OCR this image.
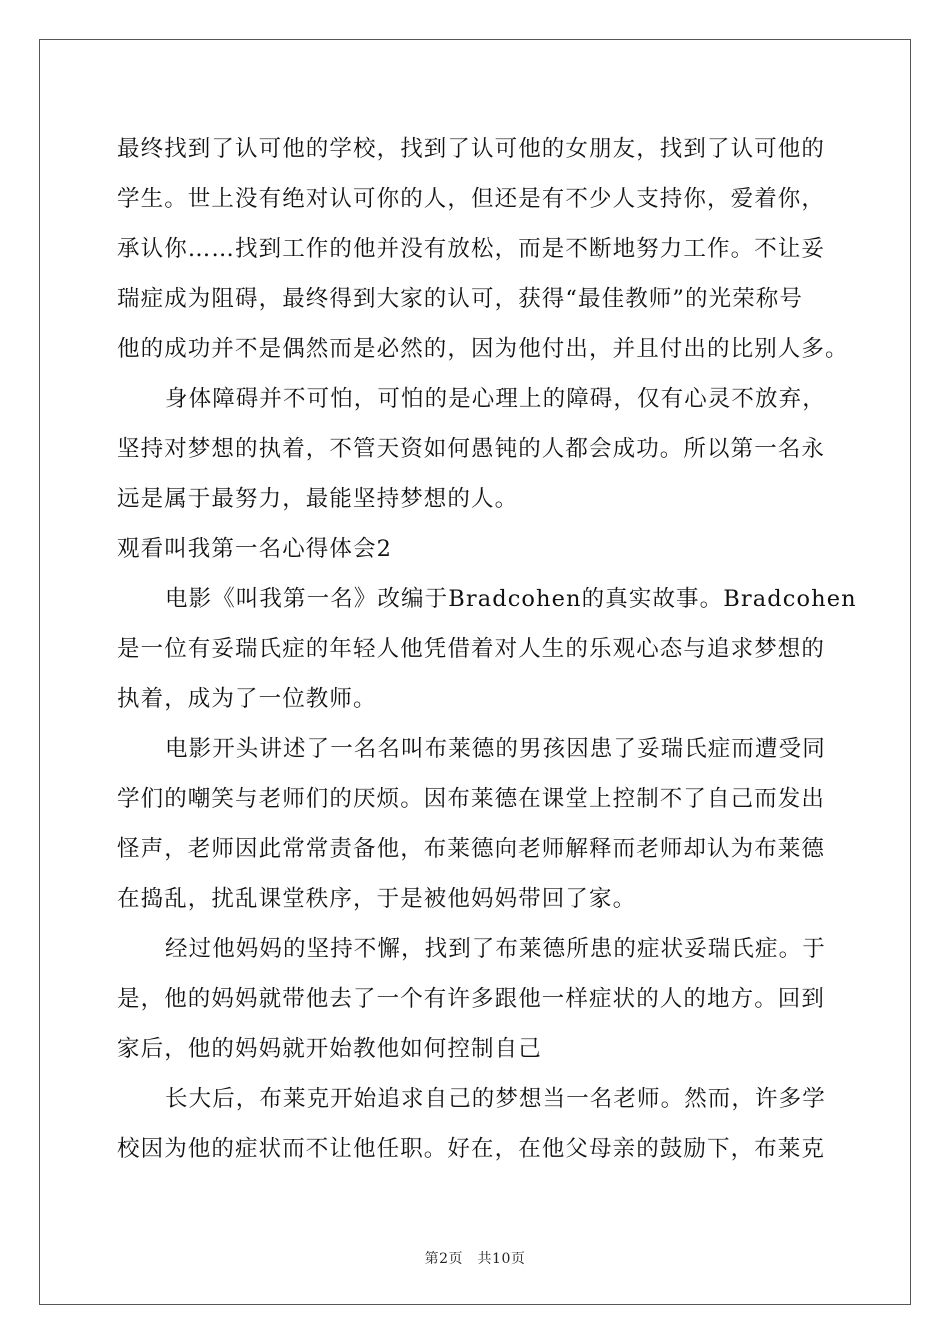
最终找到了认可他的学校，找到了认可他的女朋友，找到了认可他的
学生。世上没有绝对认可你的人，但还是有不少人支持你，爱着你，
承认你……找到工作的他并没有放松，而是不断地努力工作。不让妥
瑞症成为阻碍，最终得到大家的认可，获得“最佳教师”的光荣称号
他的成功并不是偶然而是必然的，因为他付出，并且付出的比别人多。
身体障碍并不可怕，可怕的是心理上的障碍，仅有心灵不放弃，
坚持对梦想的执着，不管天资如何愚钝的人都会成功。所以第一名永
远是属于最努力，最能坚持梦想的人。
观看叫我第一名心得体会2
电影《叫我第一名》改编于Bradcohen的真实故事。Bradcohen
是一位有妥瑞氏症的年轻人他凭借着对人生的乐观心态与追求梦想的
执着，成为了一位教师。
电影开头讲述了一名名叫布莱德的男孩因患了妥瑞氏症而遭受同
学们的嘲笑与老师们的厌烦。因布莱德在课堂上控制不了自己而发出
怪声，老师因此常常责备他，布莱德向老师解释而老师却认为布莱德
在捣乱，扰乱课堂秩序，于是被他妈妈带回了家。
经过他妈妈的坚持不懈，找到了布莱德所患的症状妥瑞氏症。于
是，他的妈妈就带他去了一个有许多跟他一样症状的人的地方。回到
家后，他的妈妈就开始教他如何控制自己
长大后，布莱克开始追求自己的梦想当一名老师。然而，许多学
校因为他的症状而不让他任职。好在，在他父母亲的鼓励下，布莱克
第2页　共10页
